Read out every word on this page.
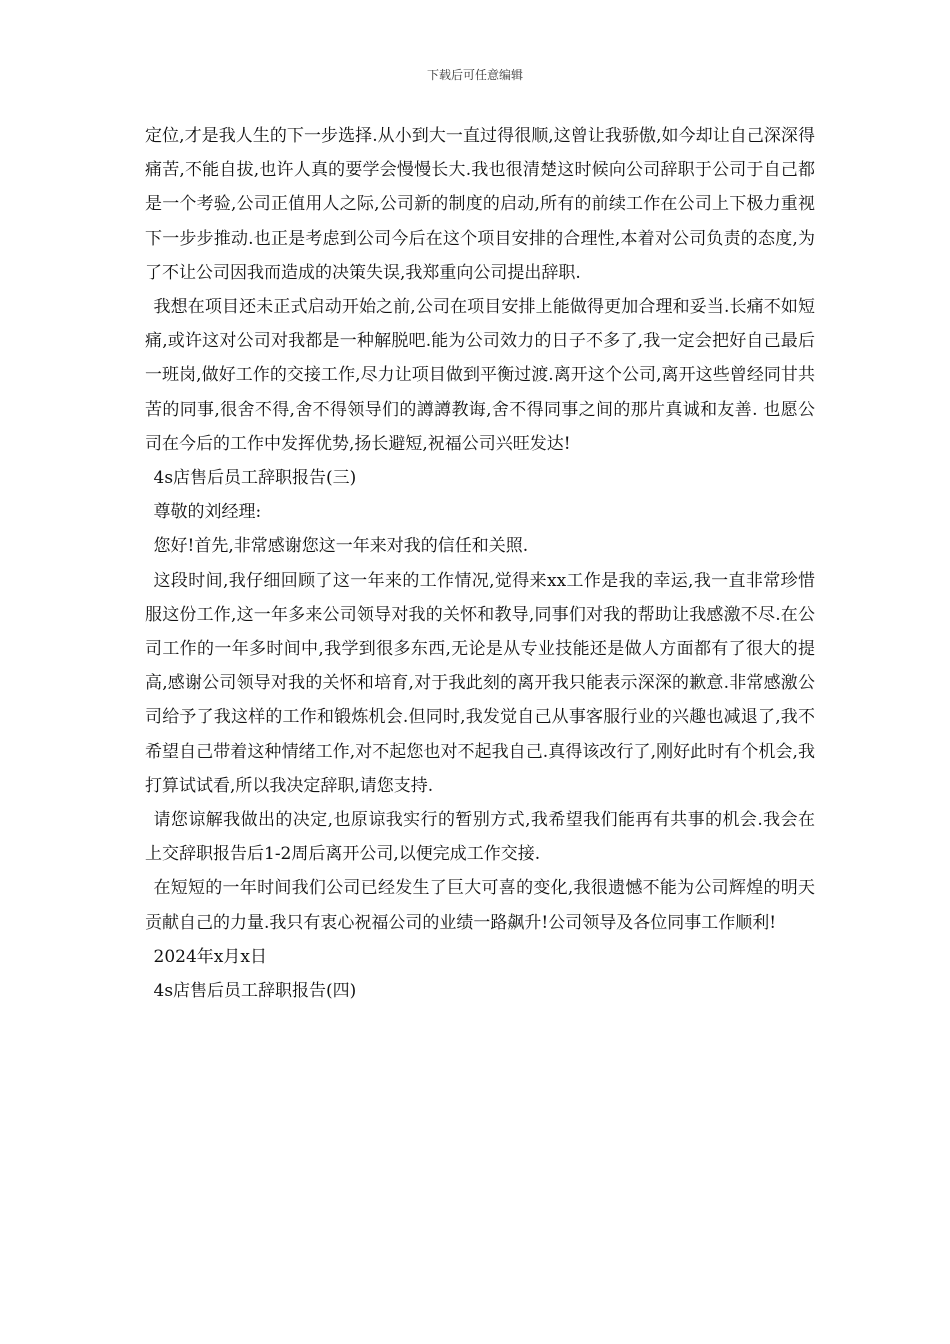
下载后可任意编辑

定位,才是我人生的下一步选择.从小到大一直过得很顺,这曾让我骄傲,如今却让自己深深得痛苦,不能自拔,也许人真的要学会慢慢长大.我也很清楚这时候向公司辞职于公司于自己都是一个考验,公司正值用人之际,公司新的制度的启动,所有的前续工作在公司上下极力重视下一步步推动.也正是考虑到公司今后在这个项目安排的合理性,本着对公司负责的态度,为了不让公司因我而造成的决策失误,我郑重向公司提出辞职.

我想在项目还未正式启动开始之前,公司在项目安排上能做得更加合理和妥当.长痛不如短痛,或许这对公司对我都是一种解脱吧.能为公司效力的日子不多了,我一定会把好自己最后一班岗,做好工作的交接工作,尽力让项目做到平衡过渡.离开这个公司,离开这些曾经同甘共苦的同事,很舍不得,舍不得领导们的譐譐教诲,舍不得同事之间的那片真诚和友善. 也愿公司在今后的工作中发挥优势,扬长避短,祝福公司兴旺发达!

4s店售后员工辞职报告(三)

尊敬的刘经理:

您好!首先,非常感谢您这一年来对我的信任和关照.

这段时间,我仔细回顾了这一年来的工作情况,觉得来xx工作是我的幸运,我一直非常珍惜服这份工作,这一年多来公司领导对我的关怀和教导,同事们对我的帮助让我感激不尽.在公司工作的一年多时间中,我学到很多东西,无论是从专业技能还是做人方面都有了很大的提高,感谢公司领导对我的关怀和培育,对于我此刻的离开我只能表示深深的歉意.非常感激公司给予了我这样的工作和锻炼机会.但同时,我发觉自己从事客服行业的兴趣也减退了,我不希望自己带着这种情绪工作,对不起您也对不起我自己.真得该改行了,刚好此时有个机会,我打算试试看,所以我决定辞职,请您支持.

请您谅解我做出的决定,也原谅我实行的暂别方式,我希望我们能再有共事的机会.我会在上交辞职报告后1-2周后离开公司,以便完成工作交接.

在短短的一年时间我们公司已经发生了巨大可喜的变化,我很遗憾不能为公司辉煌的明天贡献自己的力量.我只有衷心祝福公司的业绩一路飙升!公司领导及各位同事工作顺利!

2024年x月x日

4s店售后员工辞职报告(四)
